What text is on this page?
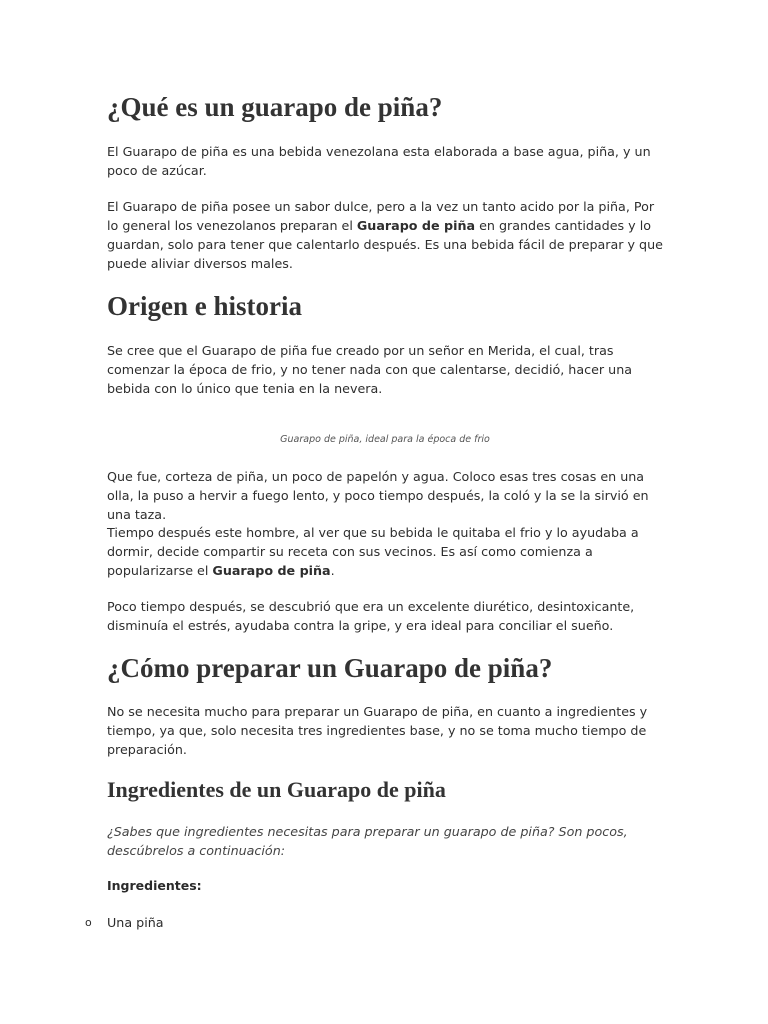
¿Qué es un guarapo de piña?

El Guarapo de piña es una bebida venezolana esta elaborada a base agua, piña, y un poco de azúcar.

El Guarapo de piña posee un sabor dulce, pero a la vez un tanto acido por la piña, Por lo general los venezolanos preparan el Guarapo de piña en grandes cantidades y lo guardan, solo para tener que calentarlo después. Es una bebida fácil de preparar y que puede aliviar diversos males.

Origen e historia

Se cree que el Guarapo de piña fue creado por un señor en Merida, el cual, tras comenzar la época de frio, y no tener nada con que calentarse, decidió, hacer una bebida con lo único que tenia en la nevera.

Guarapo de piña, ideal para la época de frio

Que fue, corteza de piña, un poco de papelón y agua. Coloco esas tres cosas en una olla, la puso a hervir a fuego lento, y poco tiempo después, la coló y la se la sirvió en una taza.

Tiempo después este hombre, al ver que su bebida le quitaba el frio y lo ayudaba a dormir, decide compartir su receta con sus vecinos. Es así como comienza a popularizarse el Guarapo de piña.

Poco tiempo después, se descubrió que era un excelente diurético, desintoxicante, disminuía el estrés, ayudaba contra la gripe, y era ideal para conciliar el sueño.

¿Cómo preparar un Guarapo de piña?

No se necesita mucho para preparar un Guarapo de piña, en cuanto a ingredientes y tiempo, ya que, solo necesita tres ingredientes base, y no se toma mucho tiempo de preparación.

Ingredientes de un Guarapo de piña

¿Sabes que ingredientes necesitas para preparar un guarapo de piña? Son pocos, descúbrelos a continuación:

Ingredientes:
o Una piña
